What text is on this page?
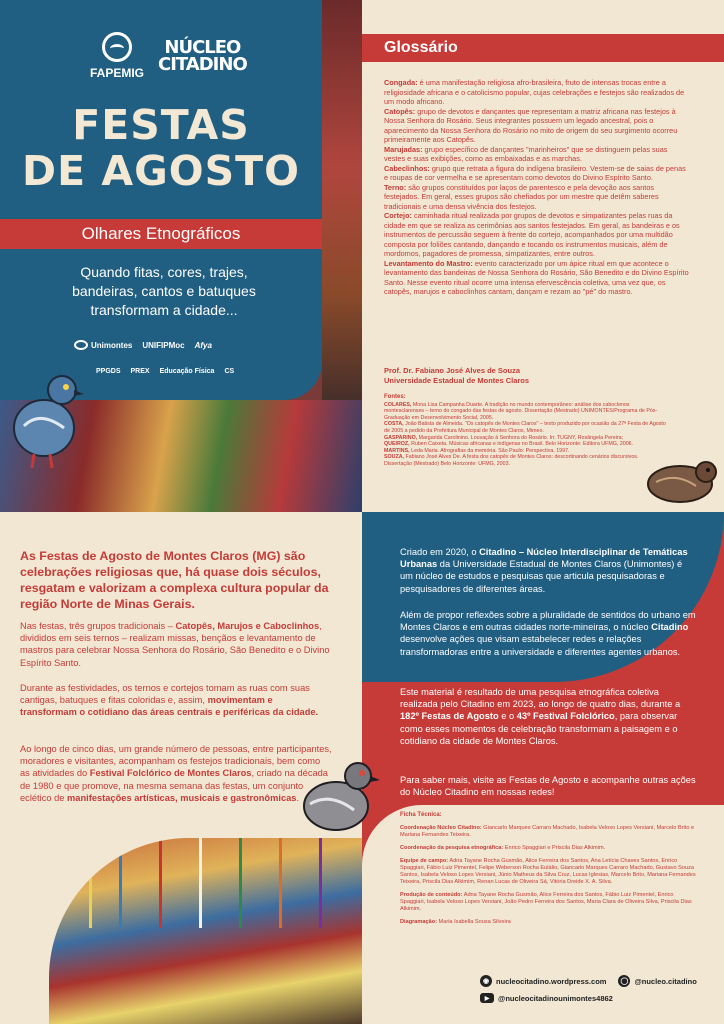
FAPEMIG
NÚCLEO
CITADINO
FESTAS
DE AGOSTO
Olhares Etnográficos
Quando fitas, cores, trajes, bandeiras, cantos e batuques transformam a cidade...
Unimontes UNIFIPMoc Afya
PPGDS PREX Educação Física CS
Glossário
Congada: é uma manifestação religiosa afro-brasileira, fruto de intensas trocas entre a religiosidade africana e o catolicismo popular, cujas celebrações e festejos são realizados de um modo africano.
Catopês: grupo de devotos e dançantes que representam a matriz africana nas festejos à Nossa Senhora do Rosário. Seus integrantes possuem um legado ancestral, pois o aparecimento da Nossa Senhora do Rosário no mito de origem do seu surgimento ocorreu primeiramente aos Catopês.
Marujadas: grupo específico de dançantes "marinheiros" que se distinguem pelas suas vestes e suas exibições, como as embaixadas e as marchas.
Cabeclinhos: grupo que retrata a figura do indígena brasileiro. Vestem-se de saias de penas e roupas de cor vermelha e se apresentam como devotos do Divino Espírito Santo.
Terno: são grupos constituídos por laços de parentesco e pela devoção aos santos festejados. Em geral, esses grupos são chefiados por um mestre que detêm saberes tradicionais e uma densa vivência dos festejos.
Cortejo: caminhada ritual realizada por grupos de devotos e simpatizantes pelas ruas da cidade em que se realiza as cerimônias aos santos festejados. Em geral, as bandeiras e os instrumentos de percussão seguem à frente do cortejo, acompanhados por uma multidão composta por foliões cantando, dançando e tocando os instrumentos musicais, além de mordomos, pagadores de promessa, simpatizantes, entre outros.
Levantamento do Mastro: evento caracterizado por um ápice ritual em que acontece o levantamento das bandeiras de Nossa Senhora do Rosário, São Benedito e do Divino Espírito Santo. Nesse evento ritual ocorre uma intensa efervescência coletiva, uma vez que, os catopês, marujos e caboclinhos cantam, dançam e rezam ao "pé" do mastro.
Prof. Dr. Fabiano José Alves de Souza
Universidade Estadual de Montes Claros
Fontes:
COLARES, Mona Lisa Campanha Duarte. A tradição no mundo contemporâneo: análise dos caboclenos montesclarenses – terno do congado das festas de agosto. Dissertação (Mestrado) UNIMONTES/Programa de Pós-Graduação em Desenvolvimento Social, 2005.
COSTA, João Batista de Almeida. "Os catopês de Montes Claros" – texto produzido por ocasião da 27ª Festa de Agosto de 2005 a pedido da Prefeitura Municipal de Montes Claros, Mimeo.
GASPARINO, Margarida Carolinino. Louvação à Senhora do Rosário. In: TUGNY, Rosângela Pereira;
QUEIROZ, Ruben Caixeta. Músicas africanas e indígenas no Brasil. Belo Horizonte: Editora UFMG, 2006.
MARTINS, Leda Maria. Afrografias da memória. São Paulo: Perspectiva, 1997.
SOUZA, Fabiano José Alves De. A festa dos catopês de Montes Claros: descortinando cenários discursivos. Dissertação (Mestrado) Belo Horizonte: UFMG, 2003.
As Festas de Agosto de Montes Claros (MG) são celebrações religiosas que, há quase dois séculos, resgatam e valorizam a complexa cultura popular da região Norte de Minas Gerais.
Nas festas, três grupos tradicionais – Catopês, Marujos e Caboclinhos, divididos em seis ternos – realizam missas, bençãos e levantamento de mastros para celebrar Nossa Senhora do Rosário, São Benedito e o Divino Espírito Santo.
Durante as festividades, os ternos e cortejos tomam as ruas com suas cantigas, batuques e fitas coloridas e, assim, movimentam e transformam o cotidiano das áreas centrais e periféricas da cidade.
Ao longo de cinco dias, um grande número de pessoas, entre participantes, moradores e visitantes, acompanham os festejos tradicionais, bem como as atividades do Festival Folclórico de Montes Claros, criado na década de 1980 e que promove, na mesma semana das festas, um conjunto eclético de manifestações artísticas, musicais e gastronômicas.
Criado em 2020, o Citadino – Núcleo Interdisciplinar de Temáticas Urbanas da Universidade Estadual de Montes Claros (Unimontes) é um núcleo de estudos e pesquisas que articula pesquisadoras e pesquisadores de diferentes áreas.
Além de propor reflexões sobre a pluralidade de sentidos do urbano em Montes Claros e em outras cidades norte-mineiras, o núcleo Citadino desenvolve ações que visam estabelecer redes e relações transformadoras entre a universidade e diferentes agentes urbanos.
Este material é resultado de uma pesquisa etnográfica coletiva realizada pelo Citadino em 2023, ao longo de quatro dias, durante a 182º Festas de Agosto e o 43º Festival Folclórico, para observar como esses momentos de celebração transformam a paisagem e o cotidiano da cidade de Montes Claros.
Para saber mais, visite as Festas de Agosto e acompanhe outras ações do Núcleo Citadino em nossas redes!
Ficha Técnica:

Coordenação Núcleo Citadino: Giancarlo Marques Carraro Machado, Isabela Veloso Lopes Versiani, Marcelo Brito e Mariana Fernandes Teixeira.

Coordenação da pesquisa etnográfica: Enrico Spaggiari e Priscila Dias Alkimim.

Equipe de campo: Adna Tayane Rocha Gusmão, Alice Ferreira dos Santos, Ana Letícia Chaves Santos, Enrico Spaggiari, Fábio Luiz Pimentel, Felipe Weberson Rocha Eulálio, Giancarlo Marques Carraro Machado, Gustavo Souza Santos, Isabela Veloso Lopes Versiani, Júnio Matheus da Silva Cruz, Lucas Iglesias, Marcelo Brito, Mariana Fernandes Teixeira, Priscila Dias Alkimim, Renan Lucas de Oliveira Sá, Vitória Dreide X. A. Silva.

Produção de conteúdo: Adna Tayane Rocha Gusmão, Alice Ferreira dos Santos, Fábio Luiz Pimentel, Enrico Spaggiari, Isabela Veloso Lopes Versiani, João Pedro Ferreira dos Santos, Maria Clara de Oliveira Silva, Priscila Dias Alkimim.

Diagramação: Maria Isabella Sousa Silveira

◉ nucleocitadino.wordpress.com ◯ @nucleo.citadino
▶	@nucleocitadinounimontes4862
